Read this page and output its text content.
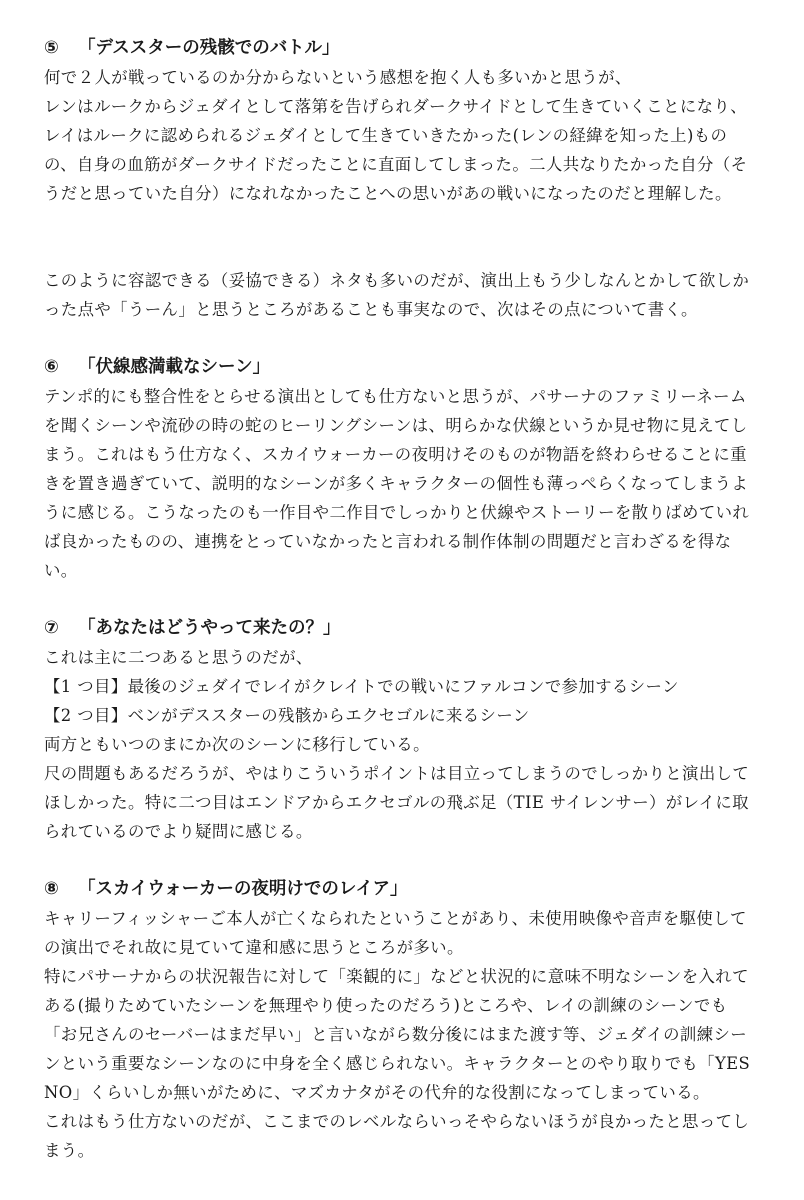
⑤ 「デススターの残骸でのバトル」
何で２人が戦っているのか分からないという感想を抱く人も多いかと思うが、
レンはルークからジェダイとして落第を告げられダークサイドとして生きていくことになり、
レイはルークに認められるジェダイとして生きていきたかった(レンの経緯を知った上)もの
の、自身の血筋がダークサイドだったことに直面してしまった。二人共なりたかった自分（そ
うだと思っていた自分）になれなかったことへの思いがあの戦いになったのだと理解した。
このように容認できる（妥協できる）ネタも多いのだが、演出上もう少しなんとかして欲しか
った点や「うーん」と思うところがあることも事実なので、次はその点について書く。
⑥ 「伏線感満載なシーン」
テンポ的にも整合性をとらせる演出としても仕方ないと思うが、パサーナのファミリーネーム
を聞くシーンや流砂の時の蛇のヒーリングシーンは、明らかな伏線というか見せ物に見えてし
まう。これはもう仕方なく、スカイウォーカーの夜明けそのものが物語を終わらせることに重
きを置き過ぎていて、説明的なシーンが多くキャラクターの個性も薄っぺらくなってしまうよ
うに感じる。こうなったのも一作目や二作目でしっかりと伏線やストーリーを散りばめていれ
ば良かったものの、連携をとっていなかったと言われる制作体制の問題だと言わざるを得な
い。
⑦ 「あなたはどうやって来たの？」
これは主に二つあると思うのだが、
【1 つ目】最後のジェダイでレイがクレイトでの戦いにファルコンで参加するシーン
【2 つ目】ベンがデススターの残骸からエクセゴルに来るシーン
両方ともいつのまにか次のシーンに移行している。
尺の問題もあるだろうが、やはりこういうポイントは目立ってしまうのでしっかりと演出して
ほしかった。特に二つ目はエンドアからエクセゴルの飛ぶ足（TIE サイレンサー）がレイに取
られているのでより疑問に感じる。
⑧ 「スカイウォーカーの夜明けでのレイア」
キャリーフィッシャーご本人が亡くなられたということがあり、未使用映像や音声を駆使して
の演出でそれ故に見ていて違和感に思うところが多い。
特にパサーナからの状況報告に対して「楽観的に」などと状況的に意味不明なシーンを入れて
ある(撮りためていたシーンを無理やり使ったのだろう)ところや、レイの訓練のシーンでも
「お兄さんのセーバーはまだ早い」と言いながら数分後にはまた渡す等、ジェダイの訓練シー
ンという重要なシーンなのに中身を全く感じられない。キャラクターとのやり取りでも「YES
NO」くらいしか無いがために、マズカナタがその代弁的な役割になってしまっている。
これはもう仕方ないのだが、ここまでのレベルならいっそやらないほうが良かったと思ってし
まう。
